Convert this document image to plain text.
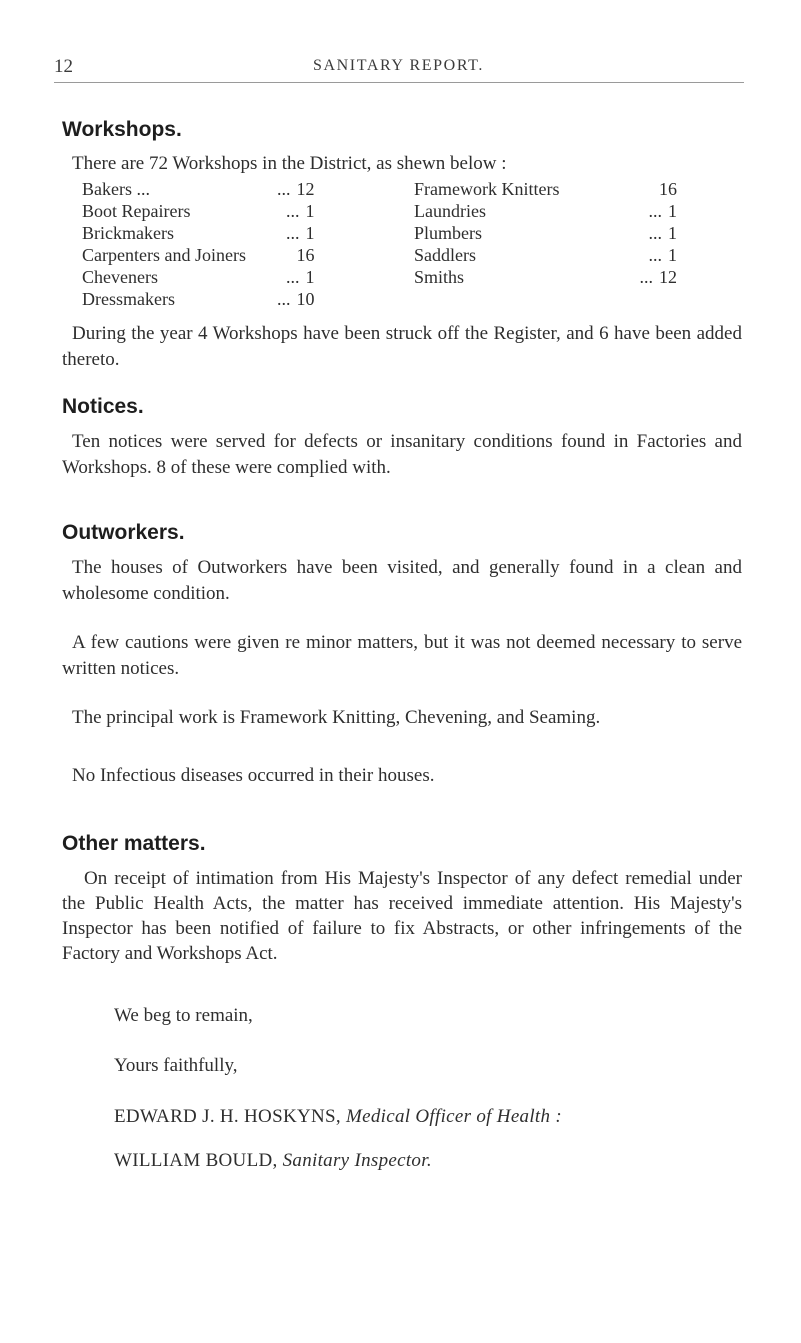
12	SANITARY REPORT.
Workshops.
There are 72 Workshops in the District, as shewn below :
Bakers ...	... 12
Boot Repairers	... 1
Brickmakers	... 1
Carpenters and Joiners	16
Cheveners	... 1
Dressmakers	... 10
Framework Knitters	16
Laundries	... 1
Plumbers	... 1
Saddlers	... 1
Smiths	... 12

During the year 4 Workshops have been struck off the Register, and 6 have been added thereto.

Notices.

Ten notices were served for defects or insanitary conditions found in Factories and Workshops. 8 of these were complied with.

Outworkers.

The houses of Outworkers have been visited, and generally found in a clean and wholesome condition.

A few cautions were given re minor matters, but it was not deemed necessary to serve written notices.

The principal work is Framework Knitting, Chevening, and Seaming.

No Infectious diseases occurred in their houses.

Other matters.

On receipt of intimation from His Majesty's Inspector of any defect remedial under the Public Health Acts, the matter has received immediate attention. His Majesty's Inspector has been notified of failure to fix Abstracts, or other infringements of the Factory and Workshops Act.

We beg to remain,
Yours faithfully,
EDWARD J. H. HOSKYNS, Medical Officer of Health :
WILLIAM BOULD, Sanitary Inspector.
